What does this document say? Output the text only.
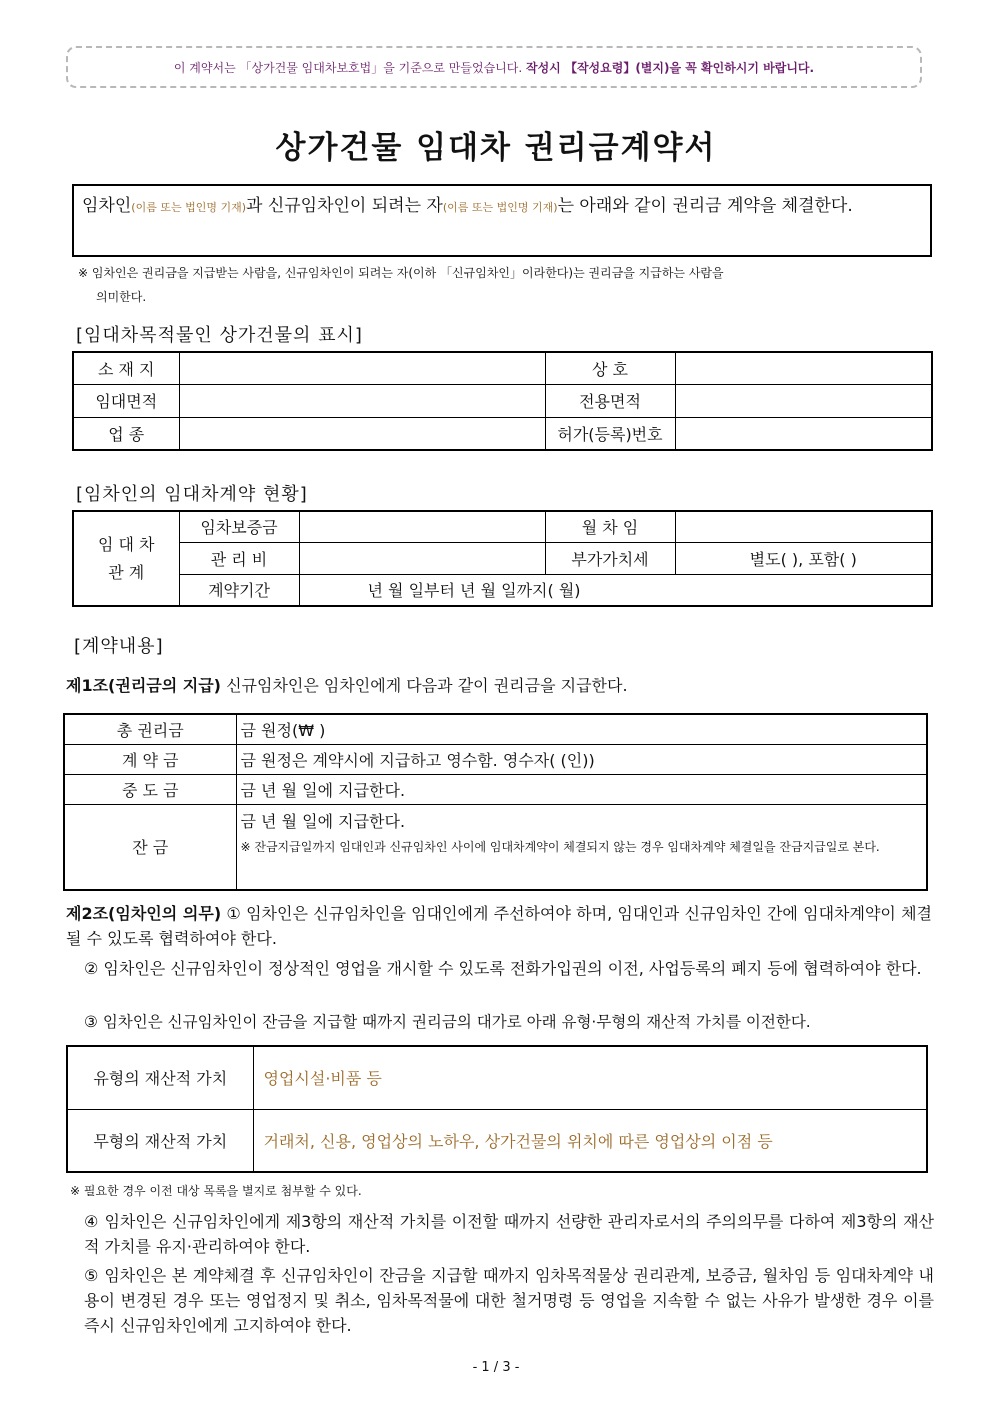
이 계약서는 「상가건물 임대차보호법」을 기준으로 만들었습니다.
작성시 【작성요령】(별지)을 꼭 확인하시기 바랍니다.
상가건물 임대차 권리금계약서
임차인(이름 또는 법인명 기재)과 신규임차인이 되려는 자(이름 또는 법인명 기재)는 아래와 같이 권리금 계약을 체결한다.
※ 임차인은 권리금을 지급받는 사람을, 신규임차인이 되려는 자(이하 「신규임차인」이라한다)는 권리금을 지급하는 사람을
의미한다.
[임대차목적물인 상가건물의 표시]
소 재 지		상 호	
임대면적		전용면적	
업 종		허가(등록)번호	
[임차인의 임대차계약 현황]
임 대 차 관 계	임차보증금		월 차 임	
	관 리 비		부가가치세	별도( ), 포함( )
	계약기간	년 월 일부터 년 월 일까지( 월)		
[계약내용]
제1조(권리금의 지급) 신규임차인은 임차인에게 다음과 같이 권리금을 지급한다.
총 권리금	금 원정(₩ )
계 약 금	금 원정은 계약시에 지급하고 영수함. 영수자( (인))
중 도 금	금 년 월 일에 지급한다.
잔 금	금 년 월 일에 지급한다.
※ 잔금지급일까지 임대인과 신규임차인 사이에 임대차계약이 체결되지 않는 경우 임대차계약 체결일을 잔금지급일로 본다.
제2조(임차인의 의무) ① 임차인은 신규임차인을 임대인에게 주선하여야 하며, 임대인과 신규임차인 간에 임대차계약이 체결될 수 있도록 협력하여야 한다.
② 임차인은 신규임차인이 정상적인 영업을 개시할 수 있도록 전화가입권의 이전, 사업등록의 폐지 등에 협력하여야 한다.
③ 임차인은 신규임차인이 잔금을 지급할 때까지 권리금의 대가로 아래 유형·무형의 재산적 가치를 이전한다.
유형의 재산적 가치	영업시설·비품 등
무형의 재산적 가치	거래처, 신용, 영업상의 노하우, 상가건물의 위치에 따른 영업상의 이점 등
※ 필요한 경우 이전 대상 목록을 별지로 첨부할 수 있다.
④ 임차인은 신규임차인에게 제3항의 재산적 가치를 이전할 때까지 선량한 관리자로서의 주의의무를 다하여 제3항의 재산적 가치를 유지·관리하여야 한다.
⑤ 임차인은 본 계약체결 후 신규임차인이 잔금을 지급할 때까지 임차목적물상 권리관계, 보증금, 월차임 등 임대차계약 내용이 변경된 경우 또는 영업정지 및 취소, 임차목적물에 대한 철거명령 등 영업을 지속할 수 없는 사유가 발생한 경우 이를 즉시 신규임차인에게 고지하여야 한다.
- 1 / 3 -
